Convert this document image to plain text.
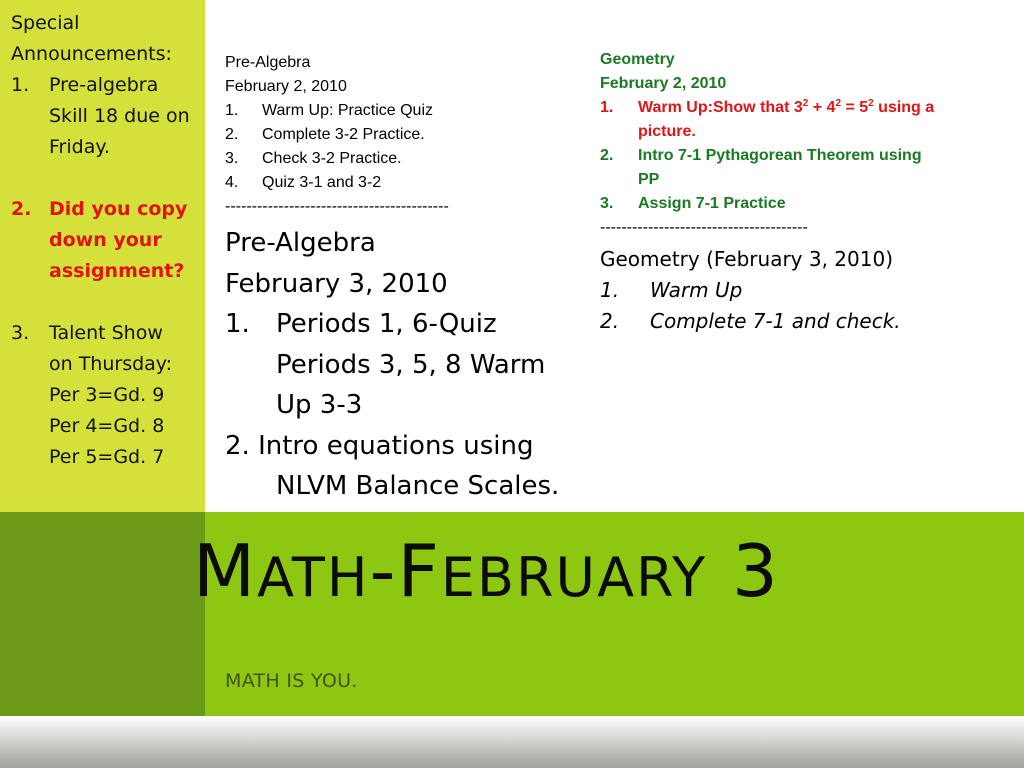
Special
Announcements:
1. Pre-algebra
Skill 18 due on
Friday.
2. Did you copy
down your
assignment?
3. Talent Show
on Thursday:
Per 3=Gd. 9
Per 4=Gd. 8
Per 5=Gd. 7
Pre-Algebra
February 2, 2010
1. Warm Up: Practice Quiz
2. Complete 3-2 Practice.
3. Check 3-2 Practice.
4. Quiz 3-1 and 3-2
------------------------------------------
Pre-Algebra
February 3, 2010
1. Periods 1, 6-Quiz
Periods 3, 5, 8 Warm
Up 3-3
2. Intro equations using
NLVM Balance Scales.
Geometry
February 2, 2010
1. Warm Up:Show that $3^2 + 4^2 = 5^2$ using a
picture.
2. Intro 7-1 Pythagorean Theorem using
PP
3. Assign 7-1 Practice
---------------------------------------
Geometry (February 3, 2010)
1. Warm Up
2. Complete 7-1 and check.
MATH-FEBRUARY 3
MATH IS YOU.
